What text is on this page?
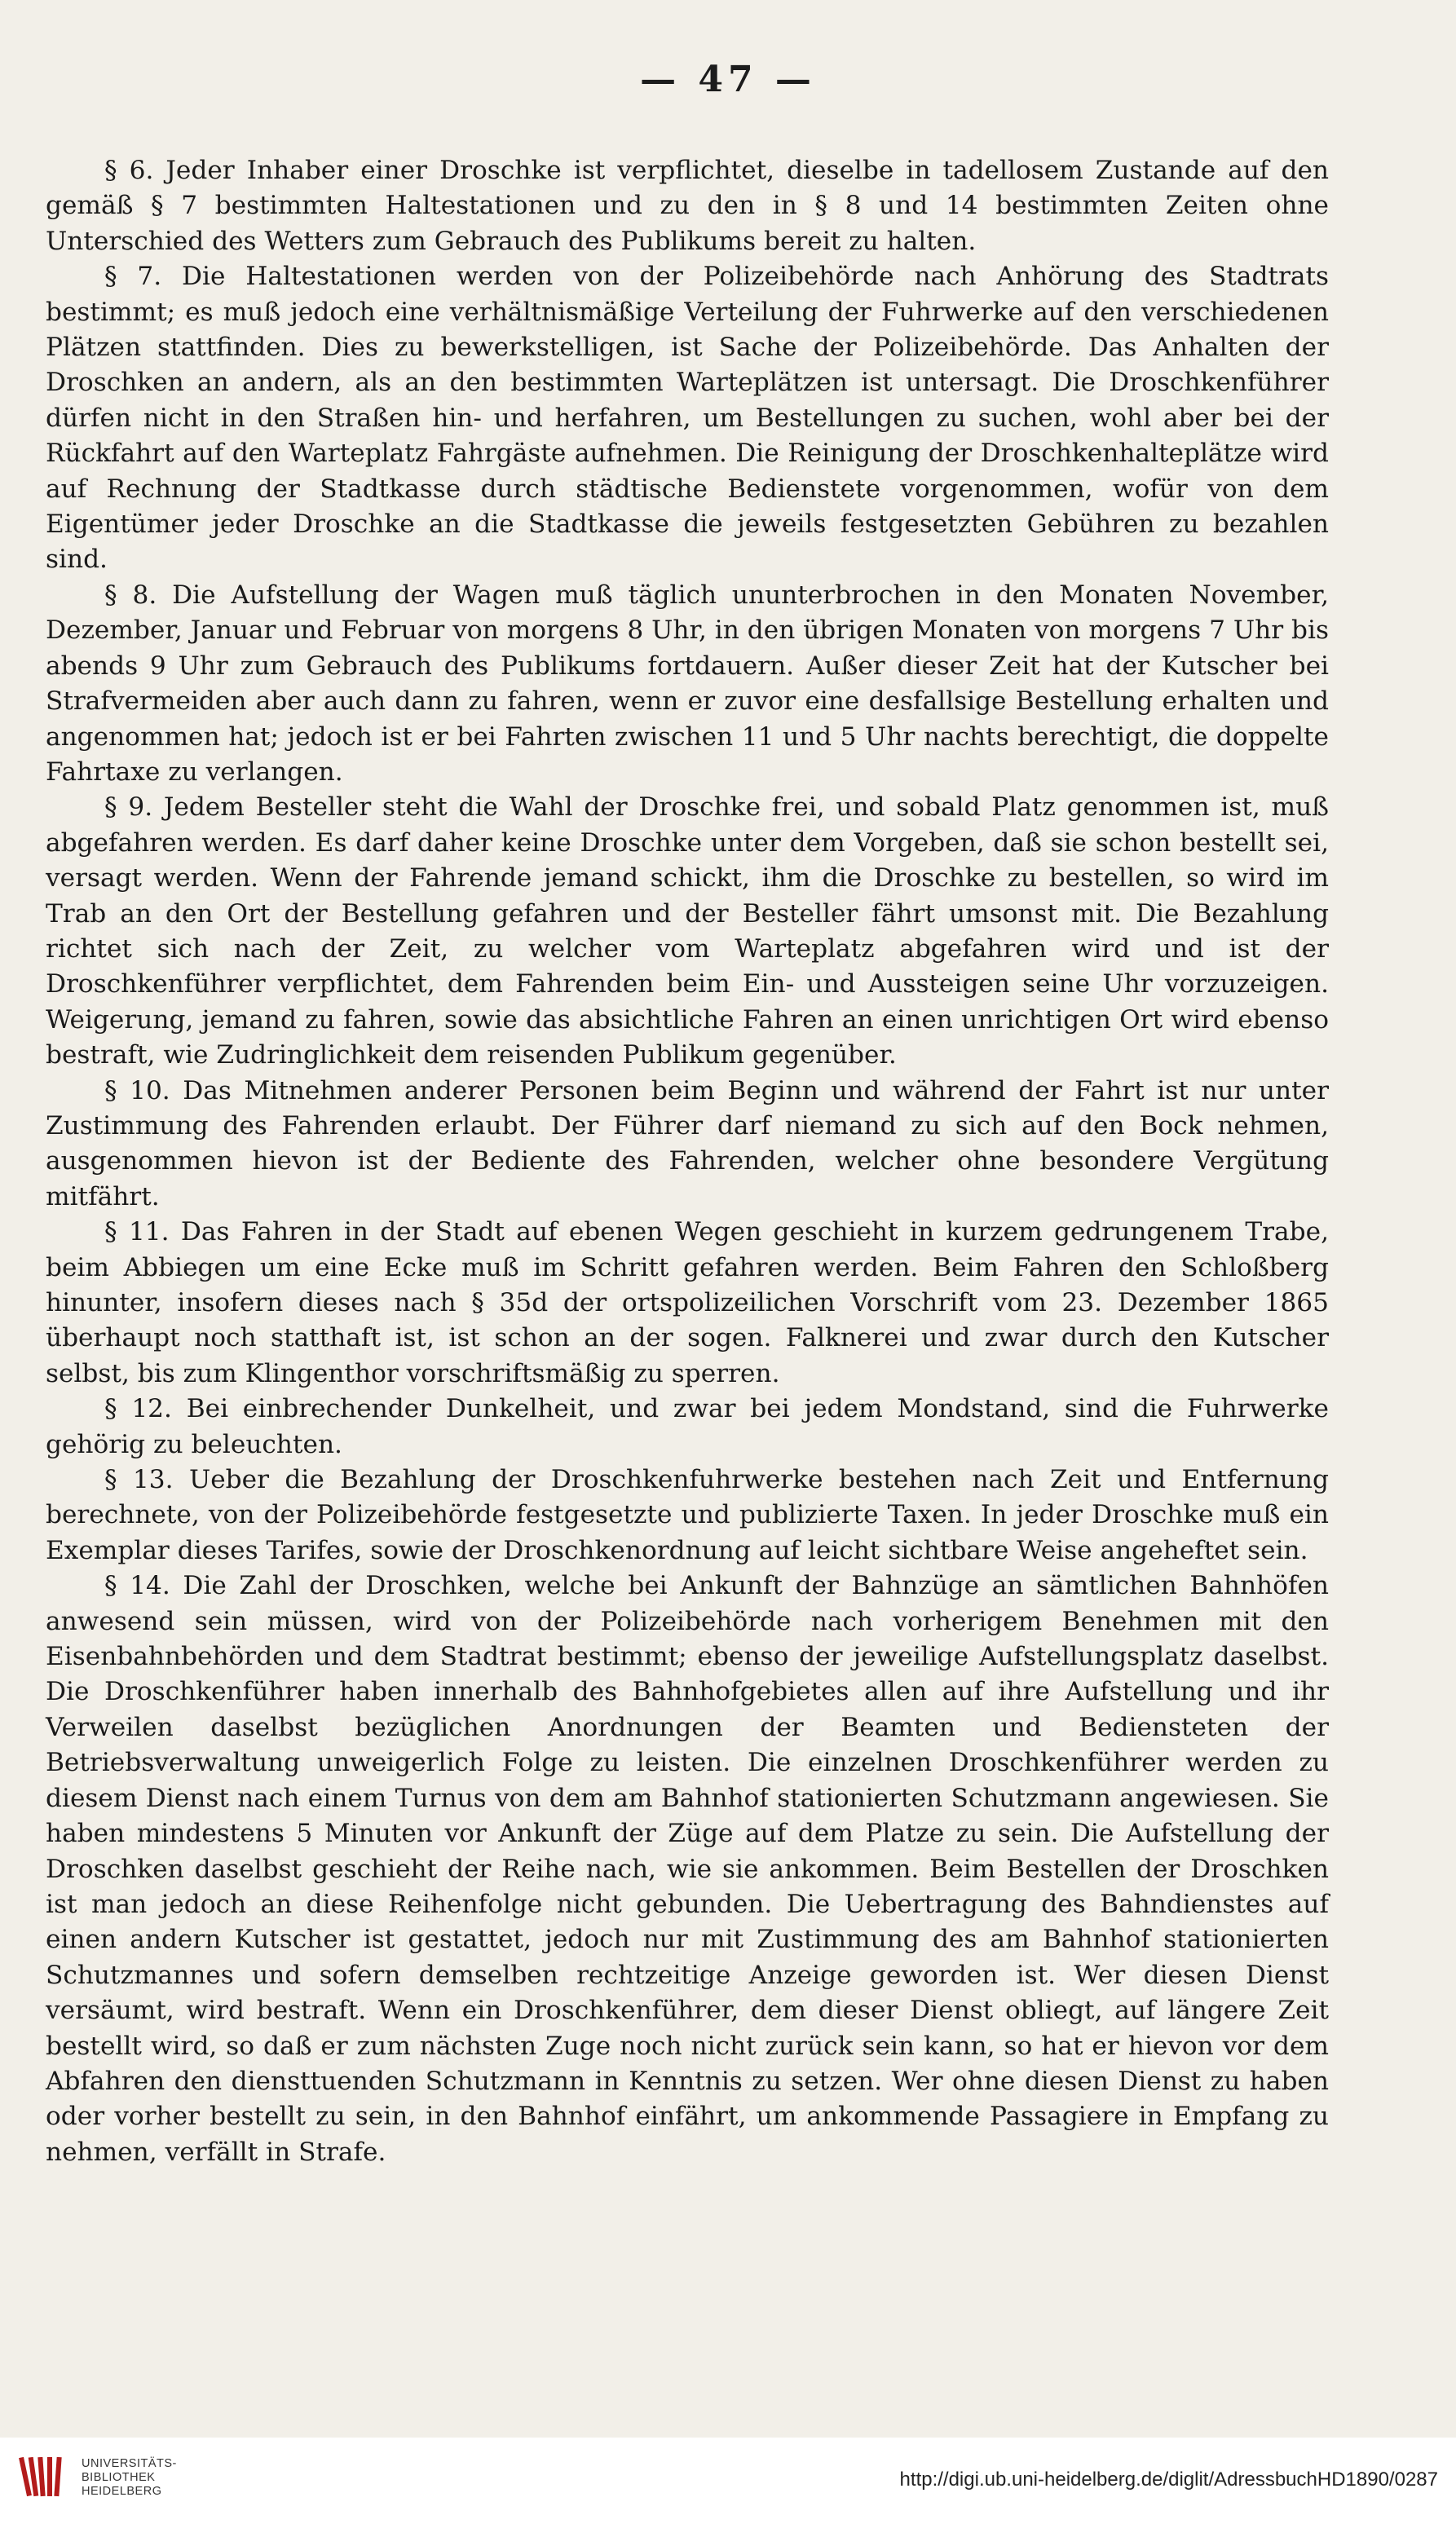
— 47 —

§ 6. Jeder Inhaber einer Droschke ist verpflichtet, dieselbe in tadellosem Zustande auf den gemäß § 7 bestimmten Haltestationen und zu den in § 8 und 14 bestimmten Zeiten ohne Unterschied des Wetters zum Gebrauch des Publikums bereit zu halten.

§ 7. Die Haltestationen werden von der Polizeibehörde nach Anhörung des Stadtrats bestimmt; es muß jedoch eine verhältnismäßige Verteilung der Fuhrwerke auf den verschiedenen Plätzen stattfinden. Dies zu bewerkstelligen, ist Sache der Polizeibehörde. Das Anhalten der Droschken an andern, als an den bestimmten Warteplätzen ist untersagt. Die Droschkenführer dürfen nicht in den Straßen hin- und herfahren, um Bestellungen zu suchen, wohl aber bei der Rückfahrt auf den Warteplatz Fahrgäste aufnehmen. Die Reinigung der Droschkenhalteplätze wird auf Rechnung der Stadtkasse durch städtische Bedienstete vorgenommen, wofür von dem Eigentümer jeder Droschke an die Stadtkasse die jeweils festgesetzten Gebühren zu bezahlen sind.

§ 8. Die Aufstellung der Wagen muß täglich ununterbrochen in den Monaten November, Dezember, Januar und Februar von morgens 8 Uhr, in den übrigen Monaten von morgens 7 Uhr bis abends 9 Uhr zum Gebrauch des Publikums fortdauern. Außer dieser Zeit hat der Kutscher bei Strafvermeiden aber auch dann zu fahren, wenn er zuvor eine desfallsige Bestellung erhalten und angenommen hat; jedoch ist er bei Fahrten zwischen 11 und 5 Uhr nachts berechtigt, die doppelte Fahrtaxe zu verlangen.

§ 9. Jedem Besteller steht die Wahl der Droschke frei, und sobald Platz genommen ist, muß abgefahren werden. Es darf daher keine Droschke unter dem Vorgeben, daß sie schon bestellt sei, versagt werden. Wenn der Fahrende jemand schickt, ihm die Droschke zu bestellen, so wird im Trab an den Ort der Bestellung gefahren und der Besteller fährt umsonst mit. Die Bezahlung richtet sich nach der Zeit, zu welcher vom Warteplatz abgefahren wird und ist der Droschkenführer verpflichtet, dem Fahrenden beim Ein- und Aussteigen seine Uhr vorzuzeigen. Weigerung, jemand zu fahren, sowie das absichtliche Fahren an einen unrichtigen Ort wird ebenso bestraft, wie Zudringlichkeit dem reisenden Publikum gegenüber.

§ 10. Das Mitnehmen anderer Personen beim Beginn und während der Fahrt ist nur unter Zustimmung des Fahrenden erlaubt. Der Führer darf niemand zu sich auf den Bock nehmen, ausgenommen hievon ist der Bediente des Fahrenden, welcher ohne besondere Vergütung mitfährt.

§ 11. Das Fahren in der Stadt auf ebenen Wegen geschieht in kurzem gedrungenem Trabe, beim Abbiegen um eine Ecke muß im Schritt gefahren werden. Beim Fahren den Schloßberg hinunter, insofern dieses nach § 35d der ortspolizeilichen Vorschrift vom 23. Dezember 1865 überhaupt noch statthaft ist, ist schon an der sogen. Falknerei und zwar durch den Kutscher selbst, bis zum Klingenthor vorschriftsmäßig zu sperren.

§ 12. Bei einbrechender Dunkelheit, und zwar bei jedem Mondstand, sind die Fuhrwerke gehörig zu beleuchten.

§ 13. Ueber die Bezahlung der Droschkenfuhrwerke bestehen nach Zeit und Entfernung berechnete, von der Polizeibehörde festgesetzte und publizierte Taxen. In jeder Droschke muß ein Exemplar dieses Tarifes, sowie der Droschkenordnung auf leicht sichtbare Weise angeheftet sein.

§ 14. Die Zahl der Droschken, welche bei Ankunft der Bahnzüge an sämtlichen Bahnhöfen anwesend sein müssen, wird von der Polizeibehörde nach vorherigem Benehmen mit den Eisenbahnbehörden und dem Stadtrat bestimmt; ebenso der jeweilige Aufstellungsplatz daselbst. Die Droschkenführer haben innerhalb des Bahnhofgebietes allen auf ihre Aufstellung und ihr Verweilen daselbst bezüglichen Anordnungen der Beamten und Bediensteten der Betriebsverwaltung unweigerlich Folge zu leisten. Die einzelnen Droschkenführer werden zu diesem Dienst nach einem Turnus von dem am Bahnhof stationierten Schutzmann angewiesen. Sie haben mindestens 5 Minuten vor Ankunft der Züge auf dem Platze zu sein. Die Aufstellung der Droschken daselbst geschieht der Reihe nach, wie sie ankommen. Beim Bestellen der Droschken ist man jedoch an diese Reihenfolge nicht gebunden. Die Uebertragung des Bahndienstes auf einen andern Kutscher ist gestattet, jedoch nur mit Zustimmung des am Bahnhof stationierten Schutzmannes und sofern demselben rechtzeitige Anzeige geworden ist. Wer diesen Dienst versäumt, wird bestraft. Wenn ein Droschkenführer, dem dieser Dienst obliegt, auf längere Zeit bestellt wird, so daß er zum nächsten Zuge noch nicht zurück sein kann, so hat er hievon vor dem Abfahren den diensttuenden Schutzmann in Kenntnis zu setzen. Wer ohne diesen Dienst zu haben oder vorher bestellt zu sein, in den Bahnhof einfährt, um ankommende Passagiere in Empfang zu nehmen, verfällt in Strafe.

UNIVERSITÄTS-
BIBLIOTHEK
HEIDELBERG
http://digi.ub.uni-heidelberg.de/diglit/AdressbuchHD1890/0287
